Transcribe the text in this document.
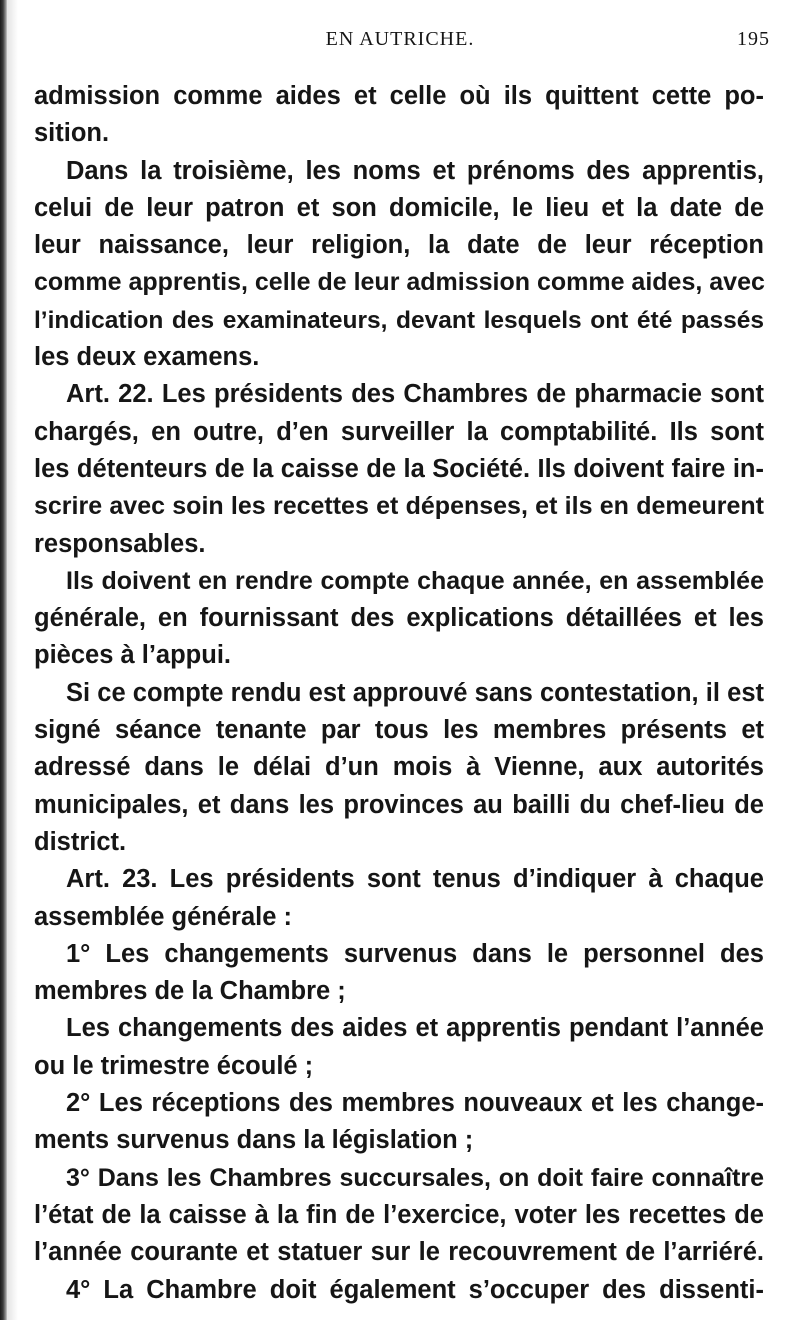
EN AUTRICHE.	195
admission comme aides et celle où ils quittent cette po-
sition.
Dans la troisième, les noms et prénoms des apprentis,
celui de leur patron et son domicile, le lieu et la date de
leur naissance, leur religion, la date de leur réception
comme apprentis, celle de leur admission comme aides, avec
l’indication des examinateurs, devant lesquels ont été passés
les deux examens.
Art. 22. Les présidents des Chambres de pharmacie sont
chargés, en outre, d’en surveiller la comptabilité. Ils sont
les détenteurs de la caisse de la Société. Ils doivent faire in-
scrire avec soin les recettes et dépenses, et ils en demeurent
responsables.
Ils doivent en rendre compte chaque année, en assemblée
générale, en fournissant des explications détaillées et les
pièces à l’appui.
Si ce compte rendu est approuvé sans contestation, il est
signé séance tenante par tous les membres présents et
adressé dans le délai d’un mois à Vienne, aux autorités
municipales, et dans les provinces au bailli du chef-lieu de
district.
Art. 23. Les présidents sont tenus d’indiquer à chaque
assemblée générale :
1° Les changements survenus dans le personnel des
membres de la Chambre ;
Les changements des aides et apprentis pendant l’année
ou le trimestre écoulé ;
2° Les réceptions des membres nouveaux et les change-
ments survenus dans la législation ;
3° Dans les Chambres succursales, on doit faire connaître
l’état de la caisse à la fin de l’exercice, voter les recettes de
l’année courante et statuer sur le recouvrement de l’arriéré.
4° La Chambre doit également s’occuper des dissenti-
